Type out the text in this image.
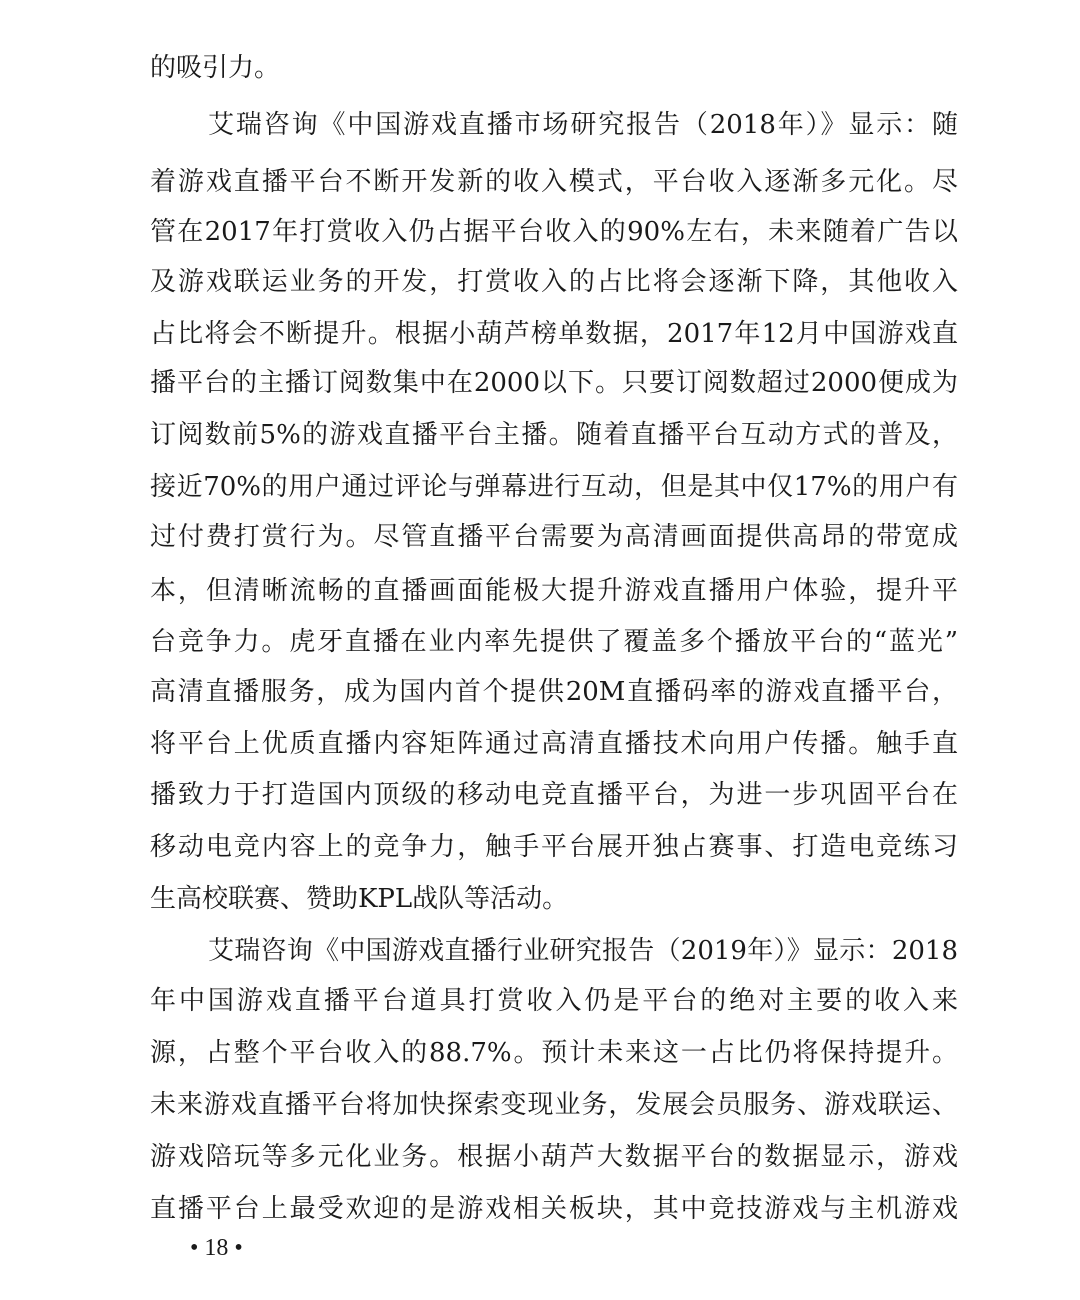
的吸引力。
艾瑞咨询《中国游戏直播市场研究报告（2018年）》显示：随
着游戏直播平台不断开发新的收入模式，平台收入逐渐多元化。尽
管在2017年打赏收入仍占据平台收入的90%左右，未来随着广告以
及游戏联运业务的开发，打赏收入的占比将会逐渐下降，其他收入
占比将会不断提升。根据小葫芦榜单数据，2017年12月中国游戏直
播平台的主播订阅数集中在2000以下。只要订阅数超过2000便成为
订阅数前5%的游戏直播平台主播。随着直播平台互动方式的普及，
接近70%的用户通过评论与弹幕进行互动，但是其中仅17%的用户有
过付费打赏行为。尽管直播平台需要为高清画面提供高昂的带宽成
本，但清晰流畅的直播画面能极大提升游戏直播用户体验，提升平
台竞争力。虎牙直播在业内率先提供了覆盖多个播放平台的“蓝光”
高清直播服务，成为国内首个提供20M直播码率的游戏直播平台，
将平台上优质直播内容矩阵通过高清直播技术向用户传播。触手直
播致力于打造国内顶级的移动电竞直播平台，为进一步巩固平台在
移动电竞内容上的竞争力，触手平台展开独占赛事、打造电竞练习
生高校联赛、赞助KPL战队等活动。
艾瑞咨询《中国游戏直播行业研究报告（2019年）》显示：2018
年中国游戏直播平台道具打赏收入仍是平台的绝对主要的收入来
源，占整个平台收入的88.7%。预计未来这一占比仍将保持提升。
未来游戏直播平台将加快探索变现业务，发展会员服务、游戏联运、
游戏陪玩等多元化业务。根据小葫芦大数据平台的数据显示，游戏
直播平台上最受欢迎的是游戏相关板块，其中竞技游戏与主机游戏
• 18 •
